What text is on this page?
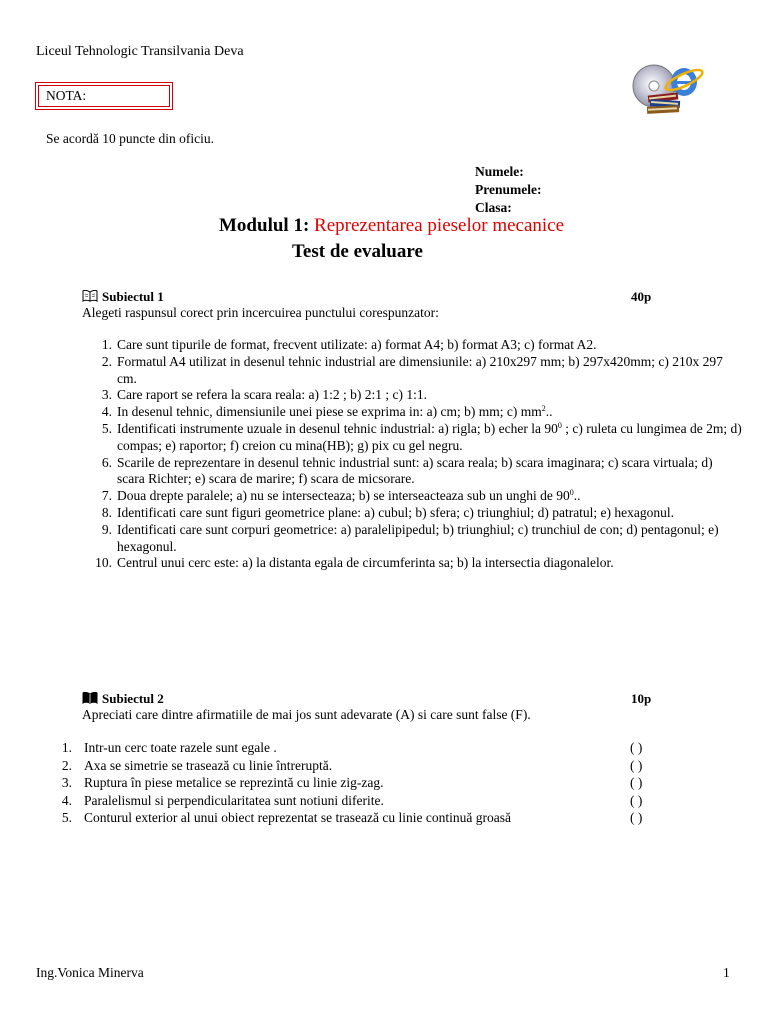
Liceul Tehnologic Transilvania Deva
NOTA:
Se acordă 10 puncte din oficiu.
Numele:
Prenumele:
Clasa:
Modulul 1: Reprezentarea pieselor mecanice
Test de evaluare
Subiectul 1	40p
Alegeti raspunsul corect prin incercuirea punctului corespunzator:
1. Care sunt tipurile de format, frecvent utilizate: a) format A4; b) format A3; c) format A2.
2. Formatul A4 utilizat in desenul tehnic industrial are dimensiunile: a) 210x297 mm; b) 297x420mm; c) 210x 297 cm.
3. Care raport se refera la scara reala: a) 1:2 ; b) 2:1 ; c) 1:1.
4. In desenul tehnic, dimensiunile unei piese se exprima in: a) cm; b) mm; c) $mm^2$..
5. Identificati instrumente uzuale in desenul tehnic industrial: a) rigla; b) echer la $90^0$ ; c) ruleta cu lungimea de 2m; d) compas; e) raportor; f) creion cu mina(HB); g) pix cu gel negru.
6. Scarile de reprezentare in desenul tehnic industrial sunt: a) scara reala; b) scara imaginara; c) scara virtuala; d) scara Richter; e) scara de marire; f) scara de micsorare.
7. Doua drepte paralele; a) nu se intersecteaza; b) se interseacteaza sub un unghi de $90^0$..
8. Identificati care sunt figuri geometrice plane: a) cubul; b) sfera; c) triunghiul; d) patratul; e) hexagonul.
9. Identificati care sunt corpuri geometrice: a) paralelipipedul; b) triunghiul; c) trunchiul de con; d) pentagonul; e) hexagonul.
10. Centrul unui cerc este: a) la distanta egala de circumferinta sa; b) la intersectia diagonalelor.
Subiectul 2	10p
Apreciati care dintre afirmatiile de mai jos sunt adevarate (A) si care sunt false (F).
1. Intr-un cerc toate razele sunt egale .	( )
2. Axa se simetrie se trasează cu linie întreruptă.	( )
3. Ruptura în piese metalice se reprezintă cu linie zig-zag.	( )
4. Paralelismul si perpendicularitatea sunt notiuni diferite.	( )
5. Conturul exterior al unui obiect reprezentat se trasează cu linie continuă groasă	( )
Ing.Vonica Minerva	1
